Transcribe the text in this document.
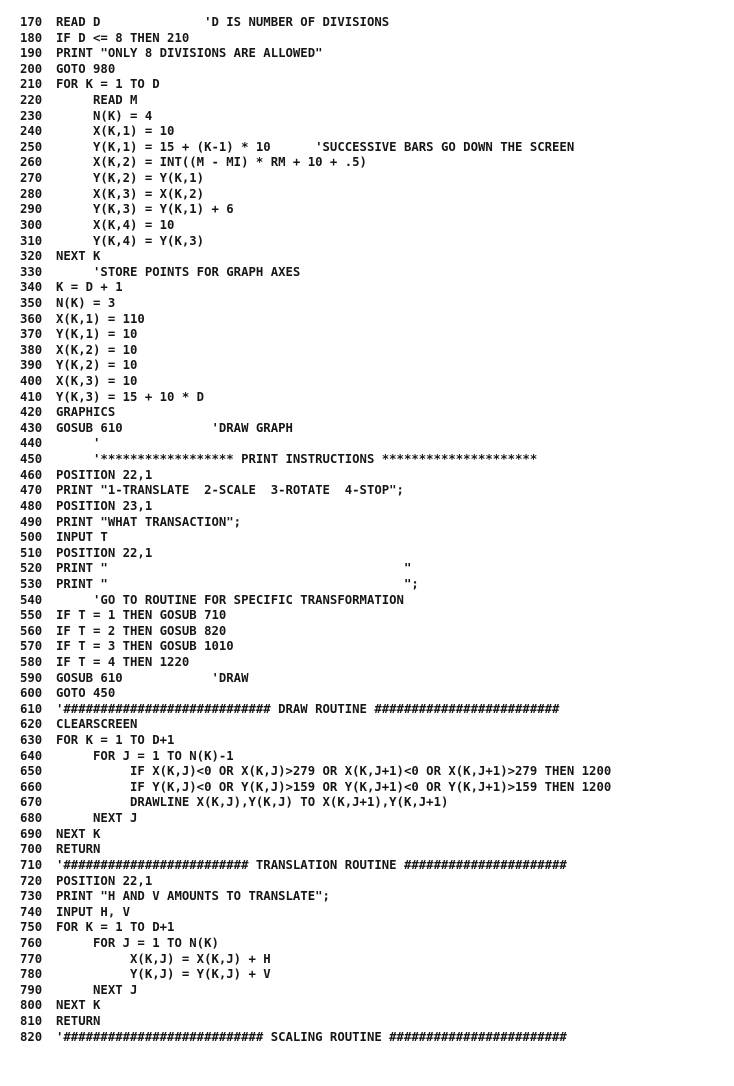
170	READ D              'D IS NUMBER OF DIVISIONS
180	IF D <= 8 THEN 210
190	PRINT "ONLY 8 DIVISIONS ARE ALLOWED"
200	GOTO 980
210	FOR K = 1 TO D
220	READ M
230	N(K) = 4
240	X(K,1) = 10
250	Y(K,1) = 15 + (K-1) * 10      'SUCCESSIVE BARS GO DOWN THE SCREEN
260	X(K,2) = INT((M - MI) * RM + 10 + .5)
270	Y(K,2) = Y(K,1)
280	X(K,3) = X(K,2)
290	Y(K,3) = Y(K,1) + 6
300	X(K,4) = 10
310	Y(K,4) = Y(K,3)
320	NEXT K
330	'STORE POINTS FOR GRAPH AXES
340	K = D + 1
350	N(K) = 3
360	X(K,1) = 110
370	Y(K,1) = 10
380	X(K,2) = 10
390	Y(K,2) = 10
400	X(K,3) = 10
410	Y(K,3) = 15 + 10 * D
420	GRAPHICS
430	GOSUB 610            'DRAW GRAPH
440	'
450	'****************** PRINT INSTRUCTIONS *********************
460	POSITION 22,1
470	PRINT "1-TRANSLATE  2-SCALE  3-ROTATE  4-STOP";
480	POSITION 23,1
490	PRINT "WHAT TRANSACTION";
500	INPUT T
510	POSITION 22,1
520	PRINT "                                        "
530	PRINT "                                        ";
540	'GO TO ROUTINE FOR SPECIFIC TRANSFORMATION
550	IF T = 1 THEN GOSUB 710
560	IF T = 2 THEN GOSUB 820
570	IF T = 3 THEN GOSUB 1010
580	IF T = 4 THEN 1220
590	GOSUB 610            'DRAW
600	GOTO 450
610	'############################ DRAW ROUTINE #########################
620	CLEARSCREEN
630	FOR K = 1 TO D+1
640	FOR J = 1 TO N(K)-1
650	IF X(K,J)<0 OR X(K,J)>279 OR X(K,J+1)<0 OR X(K,J+1)>279 THEN 1200
660	IF Y(K,J)<0 OR Y(K,J)>159 OR Y(K,J+1)<0 OR Y(K,J+1)>159 THEN 1200
670	DRAWLINE X(K,J),Y(K,J) TO X(K,J+1),Y(K,J+1)
680	NEXT J
690	NEXT K
700	RETURN
710	'######################### TRANSLATION ROUTINE ######################
720	POSITION 22,1
730	PRINT "H AND V AMOUNTS TO TRANSLATE";
740	INPUT H, V
750	FOR K = 1 TO D+1
760	FOR J = 1 TO N(K)
770	X(K,J) = X(K,J) + H
780	Y(K,J) = Y(K,J) + V
790	NEXT J
800	NEXT K
810	RETURN
820	'########################### SCALING ROUTINE ########################
